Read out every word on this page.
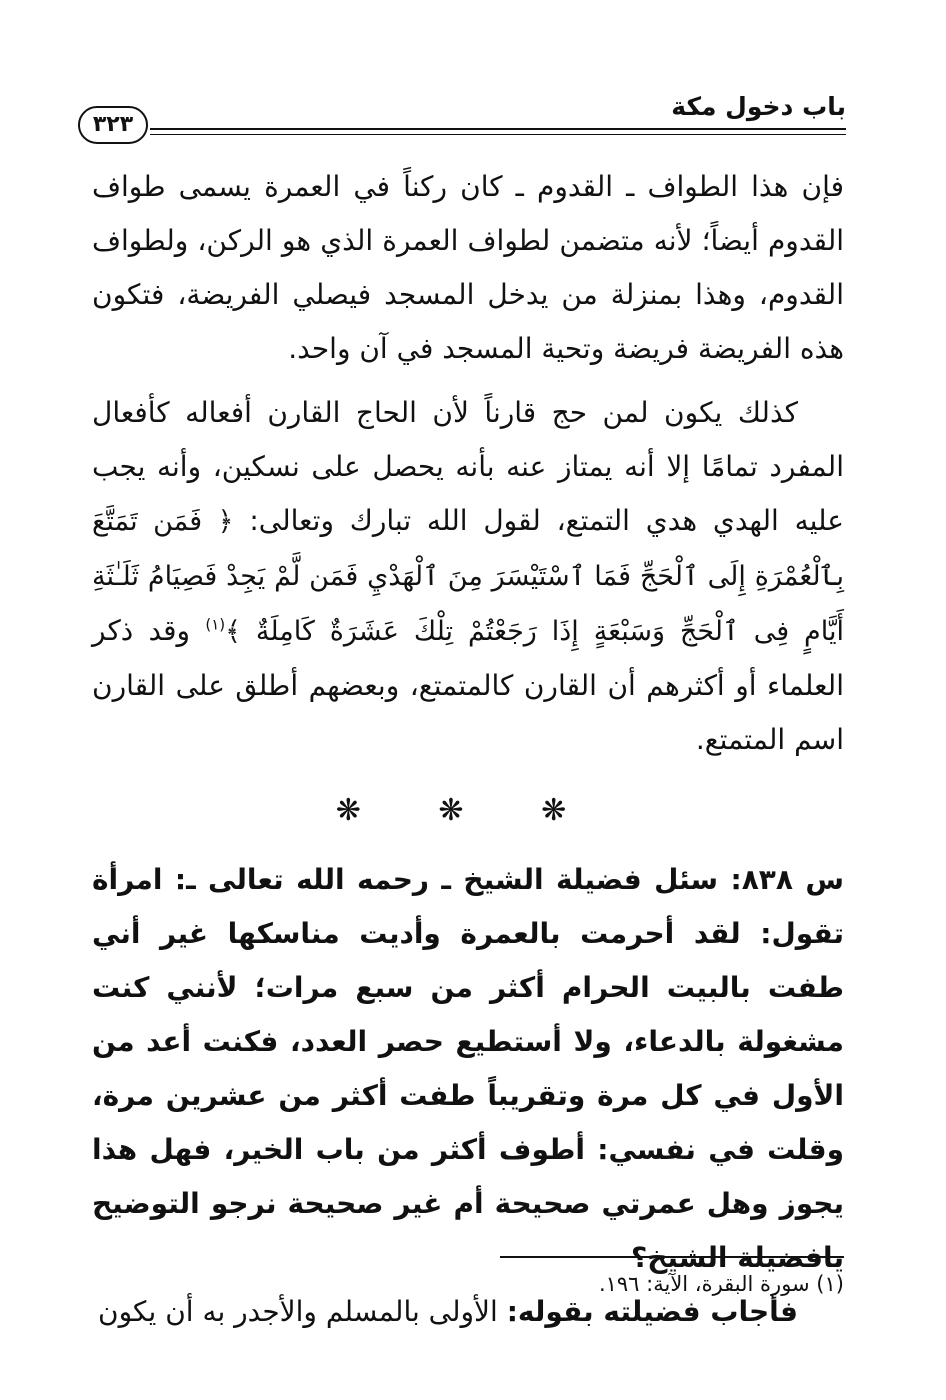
باب دخول مكة
٣٢٣

فإن هذا الطواف ـ القدوم ـ كان ركناً في العمرة يسمى طواف القدوم أيضاً؛ لأنه متضمن لطواف العمرة الذي هو الركن، ولطواف القدوم، وهذا بمنزلة من يدخل المسجد فيصلي الفريضة، فتكون هذه الفريضة فريضة وتحية المسجد في آن واحد.

كذلك يكون لمن حج قارناً لأن الحاج القارن أفعاله كأفعال المفرد تمامًا إلا أنه يمتاز عنه بأنه يحصل على نسكين، وأنه يجب عليه الهدي هدي التمتع، لقول الله تبارك وتعالى: ﴿ فَمَن تَمَتَّعَ بِٱلْعُمْرَةِ إِلَى ٱلْحَجِّ فَمَا ٱسْتَيْسَرَ مِنَ ٱلْهَدْيِ فَمَن لَّمْ يَجِدْ فَصِيَامُ ثَلَـٰثَةِ أَيَّامٍ فِى ٱلْحَجِّ وَسَبْعَةٍ إِذَا رَجَعْتُمْ تِلْكَ عَشَرَةٌ كَامِلَةٌ ﴾$^{(١)}$ وقد ذكر العلماء أو أكثرهم أن القارن كالمتمتع، وبعضهم أطلق على القارن اسم المتمتع.

❋ ❋ ❋

س ٨٣٨: سئل فضيلة الشيخ ـ رحمه الله تعالى ـ: امرأة تقول: لقد أحرمت بالعمرة وأديت مناسكها غير أني طفت بالبيت الحرام أكثر من سبع مرات؛ لأنني كنت مشغولة بالدعاء، ولا أستطيع حصر العدد، فكنت أعد من الأول في كل مرة وتقريباً طفت أكثر من عشرين مرة، وقلت في نفسي: أطوف أكثر من باب الخير، فهل هذا يجوز وهل عمرتي صحيحة أم غير صحيحة نرجو التوضيح يافضيلة الشيخ؟

فأجاب فضيلته بقوله: الأولى بالمسلم والأجدر به أن يكون

(١) سورة البقرة، الآية: ١٩٦.
